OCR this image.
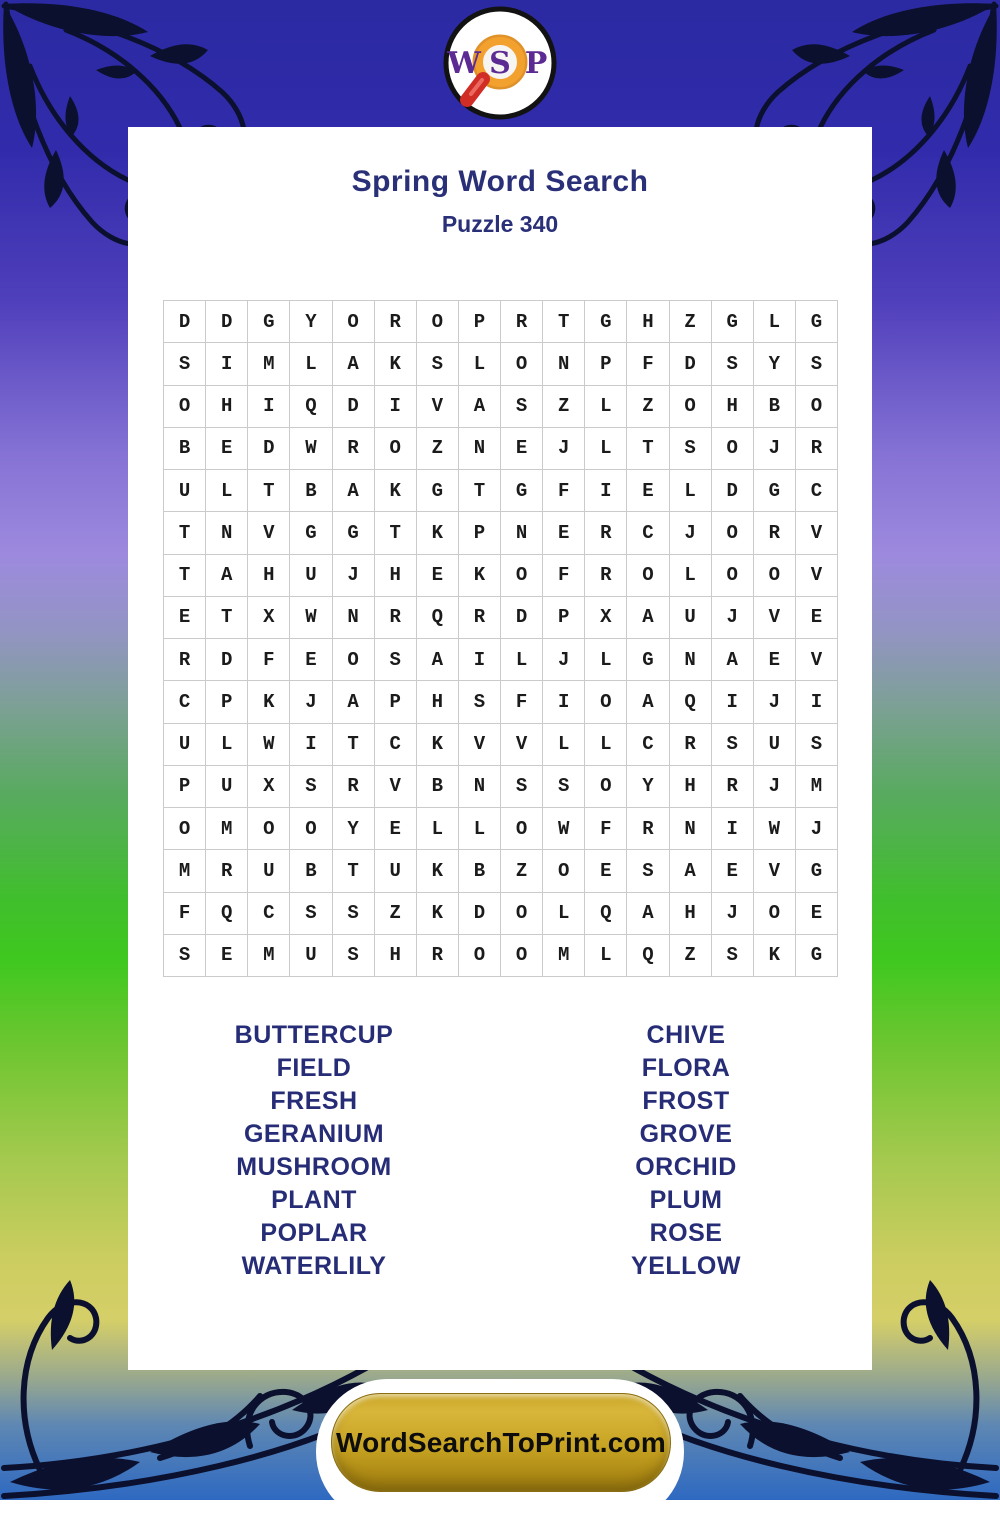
Spring Word Search
Puzzle 340
D	D	G	Y	O	R	O	P	R	T	G	H	Z	G	L	G
S	I	M	L	A	K	S	L	O	N	P	F	D	S	Y	S
O	H	I	Q	D	I	V	A	S	Z	L	Z	O	H	B	O
B	E	D	W	R	O	Z	N	E	J	L	T	S	O	J	R
U	L	T	B	A	K	G	T	G	F	I	E	L	D	G	C
T	N	V	G	G	T	K	P	N	E	R	C	J	O	R	V
T	A	H	U	J	H	E	K	O	F	R	O	L	O	O	V
E	T	X	W	N	R	Q	R	D	P	X	A	U	J	V	E
R	D	F	E	O	S	A	I	L	J	L	G	N	A	E	V
C	P	K	J	A	P	H	S	F	I	O	A	Q	I	J	I
U	L	W	I	T	C	K	V	V	L	L	C	R	S	U	S
P	U	X	S	R	V	B	N	S	S	O	Y	H	R	J	M
O	M	O	O	Y	E	L	L	O	W	F	R	N	I	W	J
M	R	U	B	T	U	K	B	Z	O	E	S	A	E	V	G
F	Q	C	S	S	Z	K	D	O	L	Q	A	H	J	O	E
S	E	M	U	S	H	R	O	O	M	L	Q	Z	S	K	G
BUTTERCUP
FIELD
FRESH
GERANIUM
MUSHROOM
PLANT
POPLAR
WATERLILY
CHIVE
FLORA
FROST
GROVE
ORCHID
PLUM
ROSE
YELLOW
W S P
WordSearchToPrint.com
